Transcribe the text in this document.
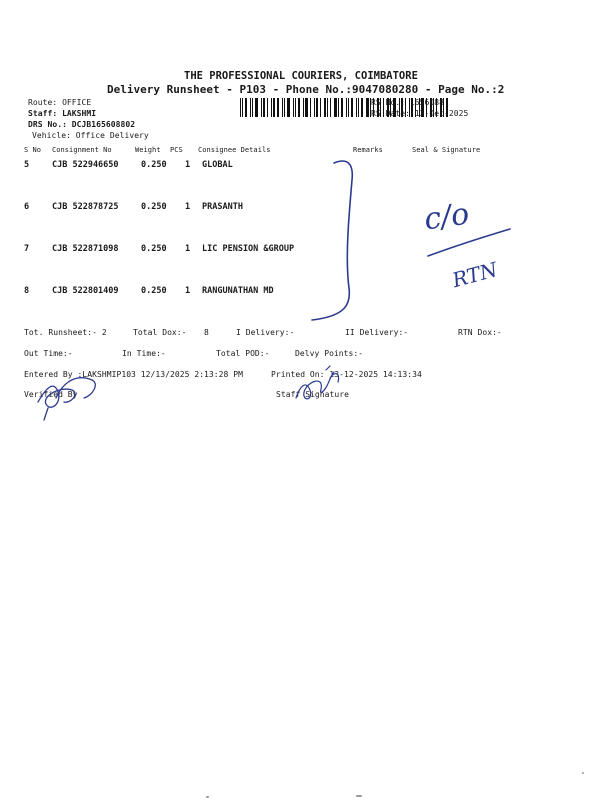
THE PROFESSIONAL COURIERS, COIMBATORE
Delivery Runsheet - P103 - Phone No.:9047080280 - Page No.:2
Route: OFFICE
Staff: LAKSHMI
DRS No.: DCJB165608802
Vehicle: Office Delivery
RS No.: 1656088
RS Date: 13-Dec-2025
S No Consignment No	Weight PCS Consignee Details	Remarks	Seal & Signature
5	CJB 522946650	0.250 1 GLOBAL
6	CJB 522878725	0.250 1 PRASANTH
7	CJB 522871098	0.250 1 LIC PENSION &GROUP
8	CJB 522801409	0.250 1 RANGUNATHAN MD
Tot. Runsheet:- 2	Total Dox:- 8	I Delivery:-	II Delivery:-	RTN Dox:-
Out Time:-	In Time:-	Total POD:-	Delvy Points:-
Entered By :LAKSHMIP103 12/13/2025 2:13:28 PM	Printed On: 13-12-2025 14:13:34
Verified By	Staff Signature
c/o
RTN
